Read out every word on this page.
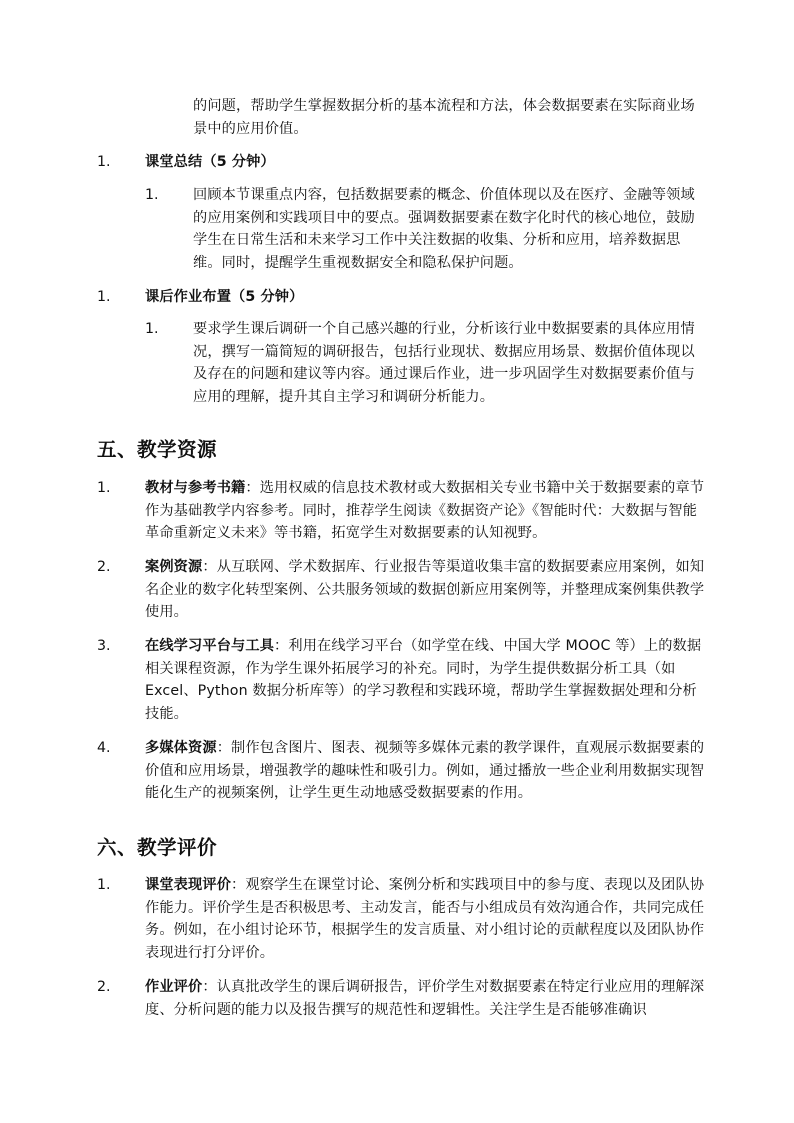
的问题，帮助学生掌握数据分析的基本流程和方法，体会数据要素在实际商业场景中的应用价值。

1. 课堂总结（5 分钟）

1. 回顾本节课重点内容，包括数据要素的概念、价值体现以及在医疗、金融等领域的应用案例和实践项目中的要点。强调数据要素在数字化时代的核心地位，鼓励学生在日常生活和未来学习工作中关注数据的收集、分析和应用，培养数据思维。同时，提醒学生重视数据安全和隐私保护问题。

1. 课后作业布置（5 分钟）

1. 要求学生课后调研一个自己感兴趣的行业，分析该行业中数据要素的具体应用情况，撰写一篇简短的调研报告，包括行业现状、数据应用场景、数据价值体现以及存在的问题和建议等内容。通过课后作业，进一步巩固学生对数据要素价值与应用的理解，提升其自主学习和调研分析能力。

五、教学资源
1. 教材与参考书籍：选用权威的信息技术教材或大数据相关专业书籍中关于数据要素的章节作为基础教学内容参考。同时，推荐学生阅读《数据资产论》《智能时代：大数据与智能革命重新定义未来》等书籍，拓宽学生对数据要素的认知视野。

2. 案例资源：从互联网、学术数据库、行业报告等渠道收集丰富的数据要素应用案例，如知名企业的数字化转型案例、公共服务领域的数据创新应用案例等，并整理成案例集供教学使用。

3. 在线学习平台与工具：利用在线学习平台（如学堂在线、中国大学 MOOC 等）上的数据相关课程资源，作为学生课外拓展学习的补充。同时，为学生提供数据分析工具（如 Excel、Python 数据分析库等）的学习教程和实践环境，帮助学生掌握数据处理和分析技能。

4. 多媒体资源：制作包含图片、图表、视频等多媒体元素的教学课件，直观展示数据要素的价值和应用场景，增强教学的趣味性和吸引力。例如，通过播放一些企业利用数据实现智能化生产的视频案例，让学生更生动地感受数据要素的作用。

六、教学评价
1. 课堂表现评价：观察学生在课堂讨论、案例分析和实践项目中的参与度、表现以及团队协作能力。评价学生是否积极思考、主动发言，能否与小组成员有效沟通合作，共同完成任务。例如，在小组讨论环节，根据学生的发言质量、对小组讨论的贡献程度以及团队协作表现进行打分评价。

2. 作业评价：认真批改学生的课后调研报告，评价学生对数据要素在特定行业应用的理解深度、分析问题的能力以及报告撰写的规范性和逻辑性。关注学生是否能够准确识
